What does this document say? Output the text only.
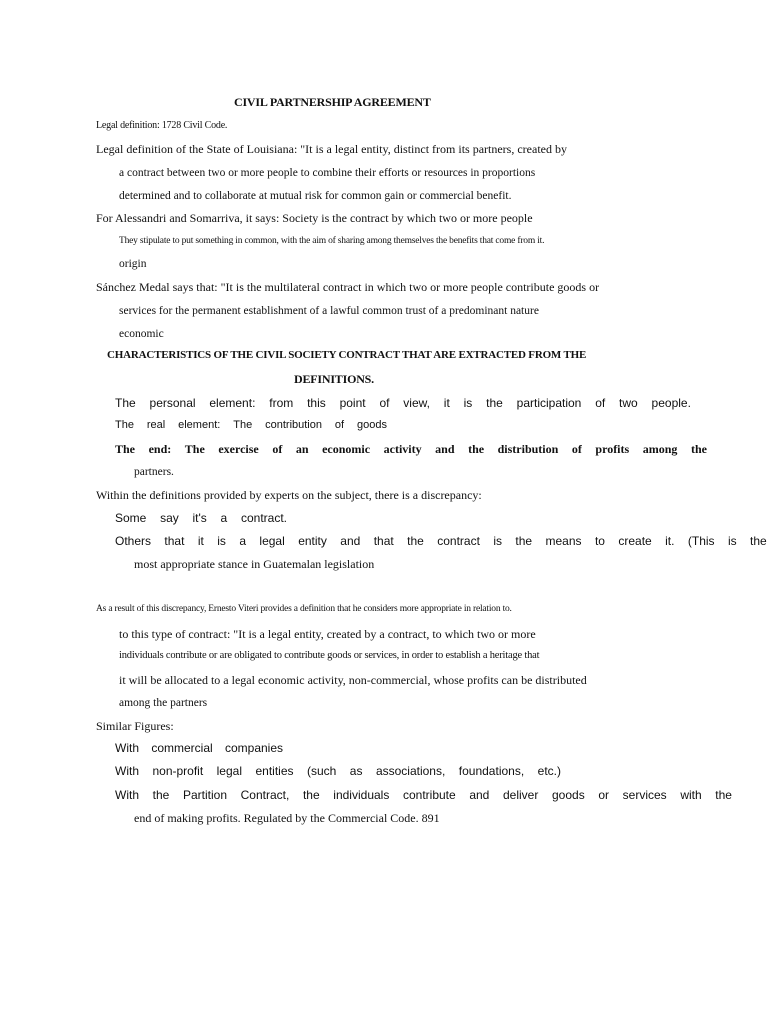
CIVIL PARTNERSHIP AGREEMENT
Legal definition: 1728 Civil Code.
Legal definition of the State of Louisiana: "It is a legal entity, distinct from its partners, created by
a contract between two or more people to combine their efforts or resources in proportions
determined and to collaborate at mutual risk for common gain or commercial benefit.
For Alessandri and Somarriva, it says: Society is the contract by which two or more people
They stipulate to put something in common, with the aim of sharing among themselves the benefits that come from it.
origin
Sánchez Medal says that: "It is the multilateral contract in which two or more people contribute goods or
services for the permanent establishment of a lawful common trust of a predominant nature
economic
CHARACTERISTICS OF THE CIVIL SOCIETY CONTRACT THAT ARE EXTRACTED FROM THE
DEFINITIONS.
The personal element: from this point of view, it is the participation of two people.
The real element: The contribution of goods
The end: The exercise of an economic activity and the distribution of profits among the
partners.
Within the definitions provided by experts on the subject, there is a discrepancy:
Some say it's a contract.
Others that it is a legal entity and that the contract is the means to create it. (This is the
most appropriate stance in Guatemalan legislation
As a result of this discrepancy, Ernesto Viteri provides a definition that he considers more appropriate in relation to.
to this type of contract: "It is a legal entity, created by a contract, to which two or more
individuals contribute or are obligated to contribute goods or services, in order to establish a heritage that
it will be allocated to a legal economic activity, non-commercial, whose profits can be distributed
among the partners
Similar Figures:
With commercial companies
With non-profit legal entities (such as associations, foundations, etc.)
With the Partition Contract, the individuals contribute and deliver goods or services with the
end of making profits. Regulated by the Commercial Code. 891
